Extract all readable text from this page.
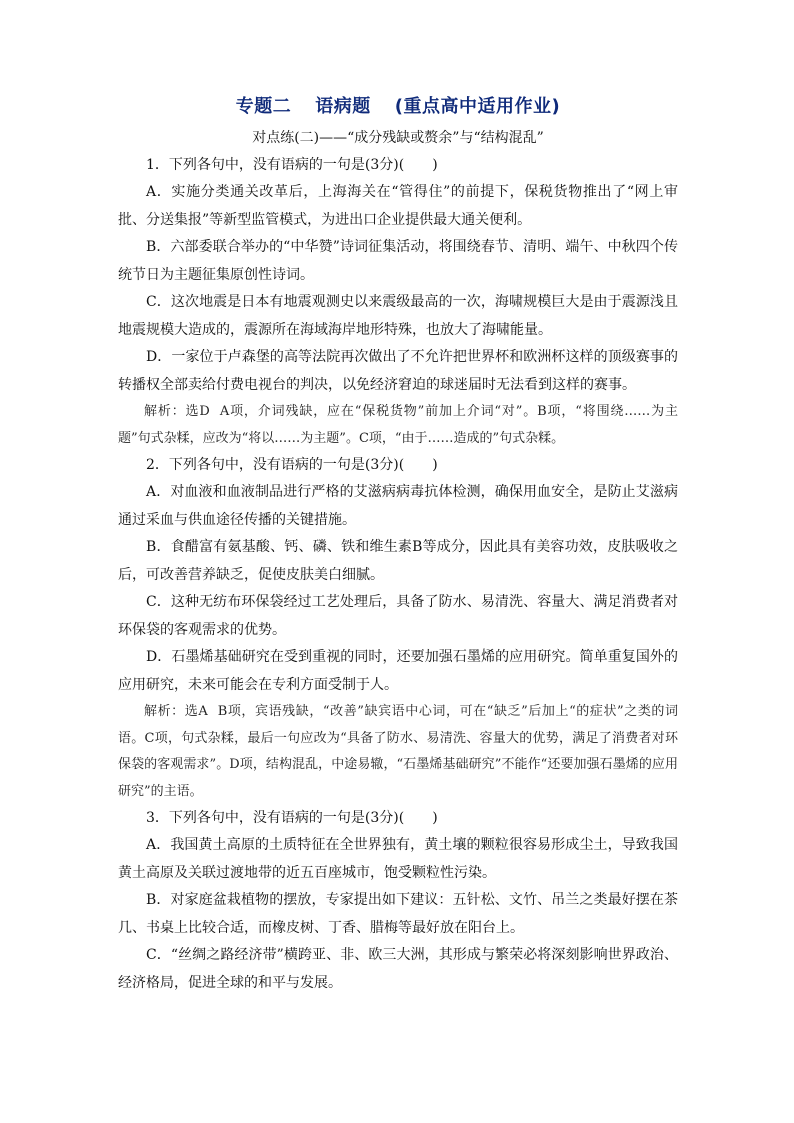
专题二 语病题 (重点高中适用作业)
对点练(二)——“成分残缺或赘余”与“结构混乱”

1．下列各句中，没有语病的一句是(3分)(　　)

A．实施分类通关改革后，上海海关在“管得住”的前提下，保税货物推出了“网上审批、分送集报”等新型监管模式，为进出口企业提供最大通关便利。

B．六部委联合举办的“中华赞”诗词征集活动，将围绕春节、清明、端午、中秋四个传统节日为主题征集原创性诗词。

C．这次地震是日本有地震观测史以来震级最高的一次，海啸规模巨大是由于震源浅且地震规模大造成的，震源所在海域海岸地形特殊，也放大了海啸能量。

D．一家位于卢森堡的高等法院再次做出了不允许把世界杯和欧洲杯这样的顶级赛事的转播权全部卖给付费电视台的判决，以免经济窘迫的球迷届时无法看到这样的赛事。

解析：选D A项，介词残缺，应在“保税货物”前加上介词“对”。B项，“将围绕……为主题”句式杂糅，应改为“将以……为主题”。C项，“由于……造成的”句式杂糅。

2．下列各句中，没有语病的一句是(3分)(　　)

A．对血液和血液制品进行严格的艾滋病病毒抗体检测，确保用血安全，是防止艾滋病通过采血与供血途径传播的关键措施。

B．食醋富有氨基酸、钙、磷、铁和维生素B等成分，因此具有美容功效，皮肤吸收之后，可改善营养缺乏，促使皮肤美白细腻。

C．这种无纺布环保袋经过工艺处理后，具备了防水、易清洗、容量大、满足消费者对环保袋的客观需求的优势。

D．石墨烯基础研究在受到重视的同时，还要加强石墨烯的应用研究。简单重复国外的应用研究，未来可能会在专利方面受制于人。

解析：选A B项，宾语残缺，“改善”缺宾语中心词，可在“缺乏”后加上“的症状”之类的词语。C项，句式杂糅，最后一句应改为“具备了防水、易清洗、容量大的优势，满足了消费者对环保袋的客观需求”。D项，结构混乱，中途易辙，“石墨烯基础研究”不能作“还要加强石墨烯的应用研究”的主语。

3．下列各句中，没有语病的一句是(3分)(　　)

A．我国黄土高原的土质特征在全世界独有，黄土壤的颗粒很容易形成尘土，导致我国黄土高原及关联过渡地带的近五百座城市，饱受颗粒性污染。

B．对家庭盆栽植物的摆放，专家提出如下建议：五针松、文竹、吊兰之类最好摆在茶几、书桌上比较合适，而橡皮树、丁香、腊梅等最好放在阳台上。

C．“丝绸之路经济带”横跨亚、非、欧三大洲，其形成与繁荣必将深刻影响世界政治、经济格局，促进全球的和平与发展。
